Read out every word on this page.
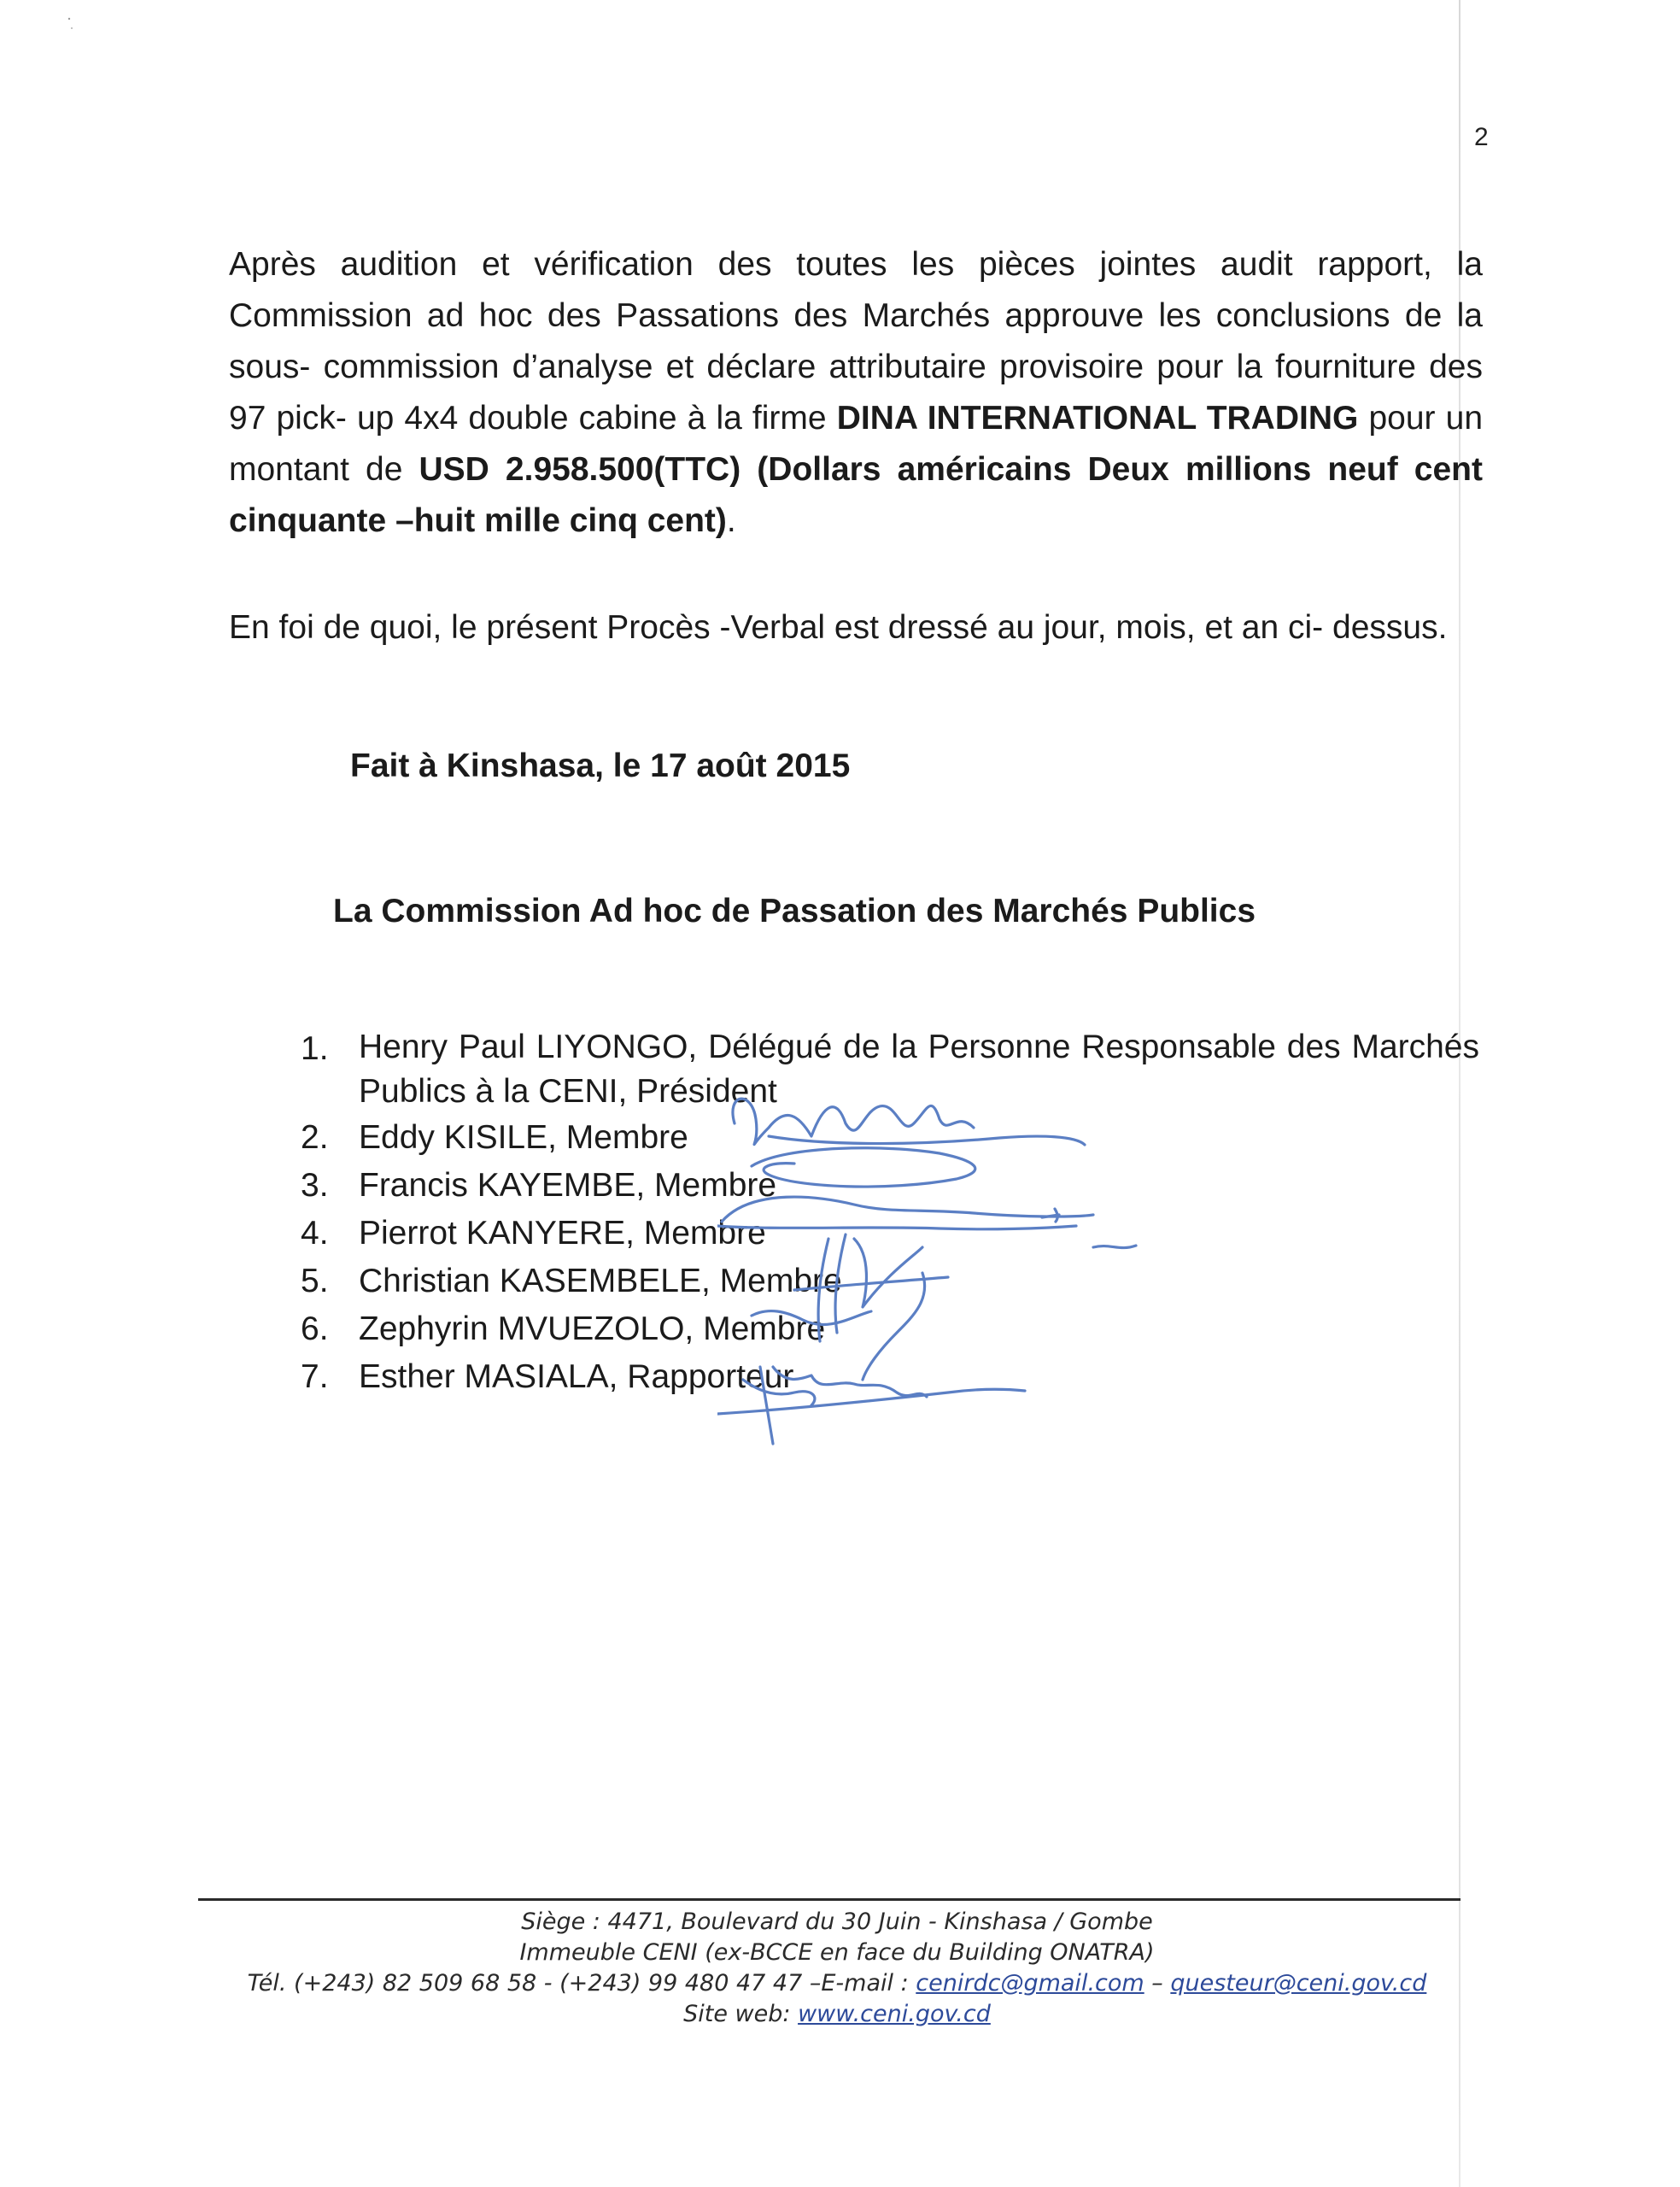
2
Après audition et vérification des toutes les pièces jointes audit rapport, la Commission ad hoc des Passations des Marchés approuve les conclusions de la sous- commission d’analyse et déclare attributaire provisoire pour la fourniture des 97 pick- up 4x4 double cabine à la firme DINA INTERNATIONAL TRADING pour un montant de USD 2.958.500(TTC) (Dollars américains Deux millions neuf cent cinquante –huit mille cinq cent).
En foi de quoi, le présent Procès -Verbal est dressé au jour, mois, et an ci- dessus.
Fait à Kinshasa, le 17 août 2015
La Commission Ad hoc de Passation des Marchés Publics
1. Henry Paul LIYONGO, Délégué de la Personne Responsable des Marchés Publics à la CENI, Président
2. Eddy KISILE, Membre
3. Francis KAYEMBE, Membre
4. Pierrot KANYERE, Membre
5. Christian KASEMBELE, Membre
6. Zephyrin MVUEZOLO, Membre
7. Esther MASIALA, Rapporteur
Siège : 4471, Boulevard du 30 Juin - Kinshasa / Gombe
Immeuble CENI (ex-BCCE en face du Building ONATRA)
Tél. (+243) 82 509 68 58 - (+243) 99 480 47 47 –E-mail : cenirdc@gmail.com – questeur@ceni.gov.cd
Site web: www.ceni.gov.cd
